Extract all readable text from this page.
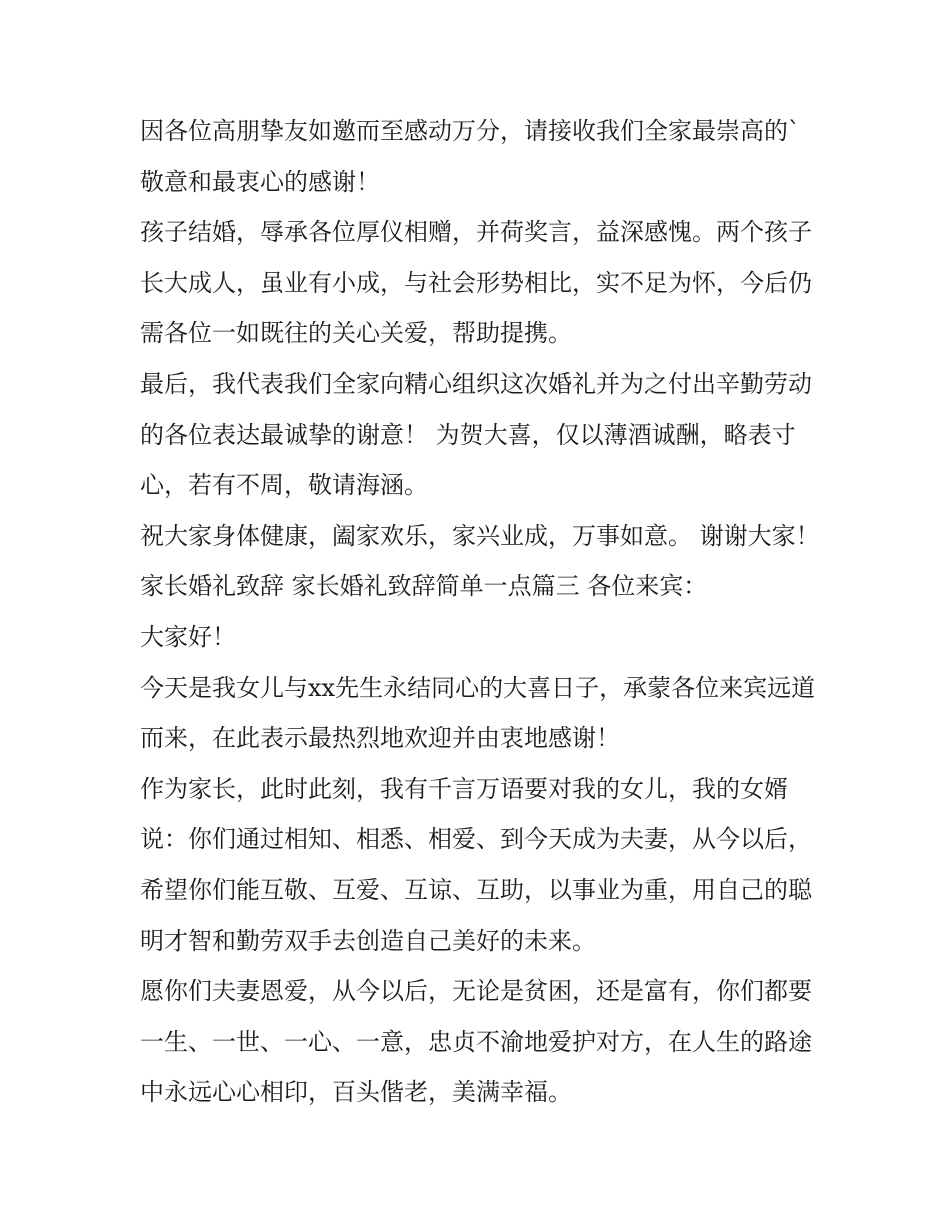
因各位高朋挚友如邀而至感动万分，请接收我们全家最崇高的`敬意和最衷心的感谢！

孩子结婚，辱承各位厚仪相赠，并荷奖言，益深感愧。两个孩子长大成人，虽业有小成，与社会形势相比，实不足为怀，今后仍需各位一如既往的关心关爱，帮助提携。

最后，我代表我们全家向精心组织这次婚礼并为之付出辛勤劳动的各位表达最诚挚的谢意！ 为贺大喜，仅以薄酒诚酬，略表寸心，若有不周，敬请海涵。

祝大家身体健康，阖家欢乐，家兴业成，万事如意。 谢谢大家！ 家长婚礼致辞 家长婚礼致辞简单一点篇三 各位来宾：

大家好！

今天是我女儿与xx先生永结同心的大喜日子，承蒙各位来宾远道而来，在此表示最热烈地欢迎并由衷地感谢！

作为家长，此时此刻，我有千言万语要对我的女儿，我的女婿说：你们通过相知、相悉、相爱、到今天成为夫妻，从今以后，希望你们能互敬、互爱、互谅、互助，以事业为重，用自己的聪明才智和勤劳双手去创造自己美好的未来。

愿你们夫妻恩爱，从今以后，无论是贫困，还是富有，你们都要一生、一世、一心、一意，忠贞不渝地爱护对方，在人生的路途中永远心心相印，百头偕老，美满幸福。
